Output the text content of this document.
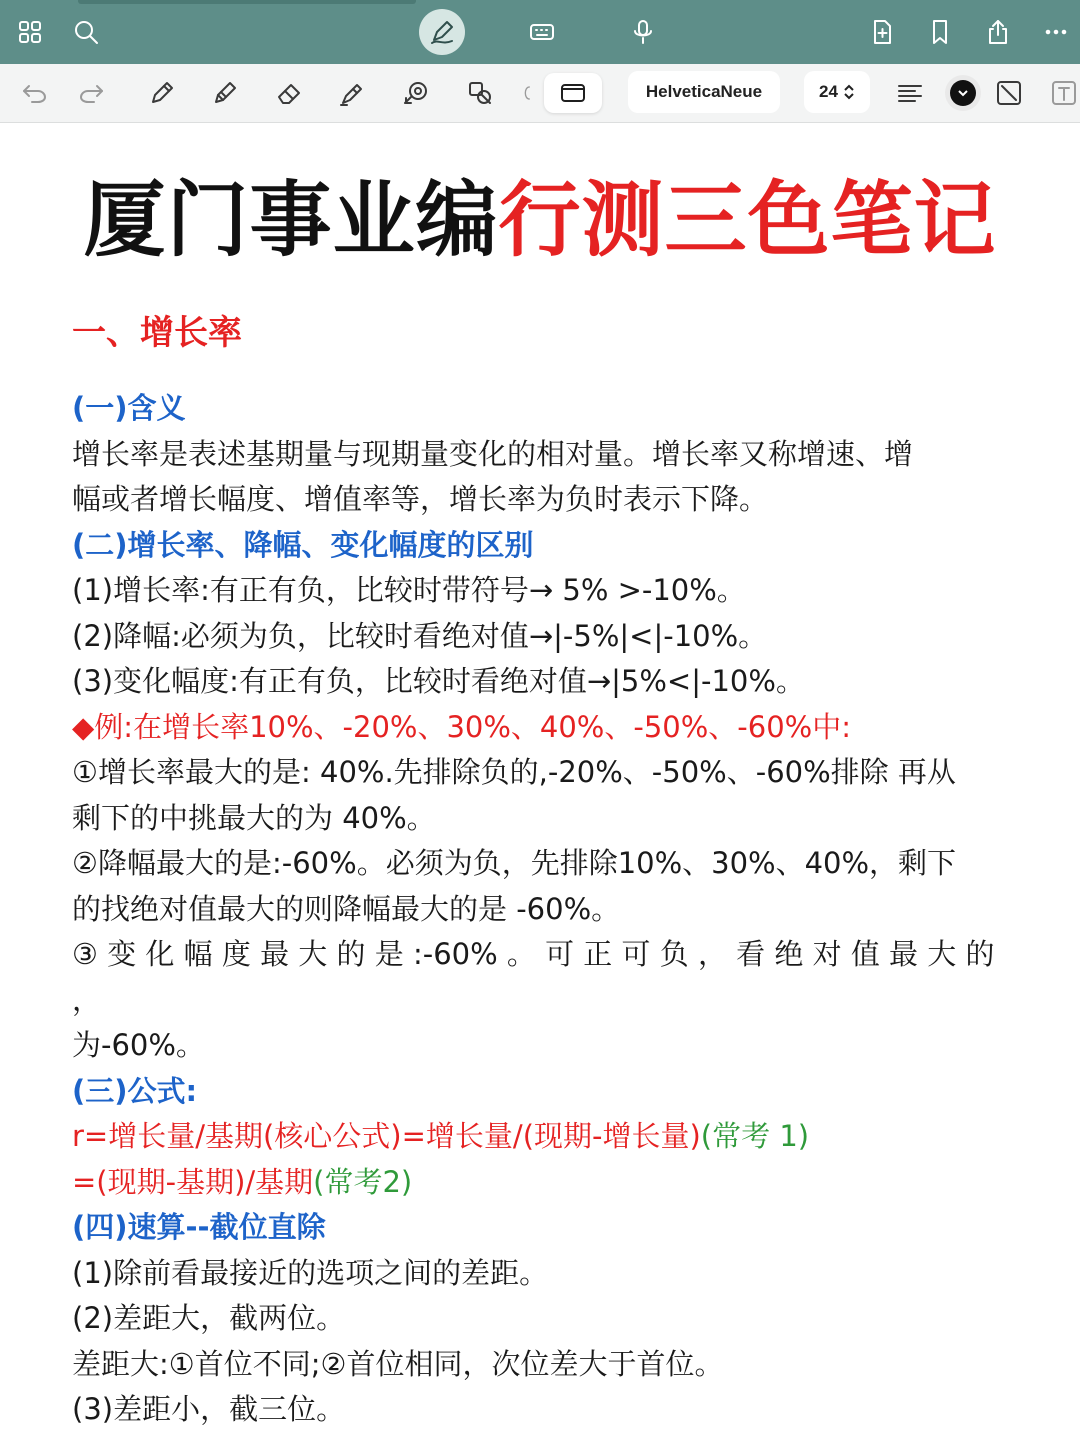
HelveticaNeue	24
厦门事业编行测三色笔记

一、增长率

(一)含义

增长率是表述基期量与现期量变化的相对量。增长率又称增速、增

幅或者增长幅度、增值率等，增长率为负时表示下降。

(二)增长率、降幅、变化幅度的区别

(1)增长率:有正有负，比较时带符号→ 5% >-10%。

(2)降幅:必须为负，比较时看绝对值→|-5%|<|-10%。

(3)变化幅度:有正有负，比较时看绝对值→|5%<|-10%。

◆例:在增长率10%、-20%、30%、40%、-50%、-60%中:

①增长率最大的是: 40%.先排除负的,-20%、-50%、-60%排除 再从

剩下的中挑最大的为 40%。

②降幅最大的是:-60%。必须为负，先排除10%、30%、40%，剩下

的找绝对值最大的则降幅最大的是 -60%。

③ 变 化 幅 度 最 大 的 是 :-60% 。 可 正 可 负 ， 看 绝 对 值 最 大 的 ，

为-60%。

(三)公式:

r=增长量/基期(核心公式)=增长量/(现期-增长量)(常考 1)

=(现期-基期)/基期(常考2)

(四)速算--截位直除

(1)除前看最接近的选项之间的差距。

(2)差距大，截两位。

差距大:①首位不同;②首位相同，次位差大于首位。

(3)差距小，截三位。
